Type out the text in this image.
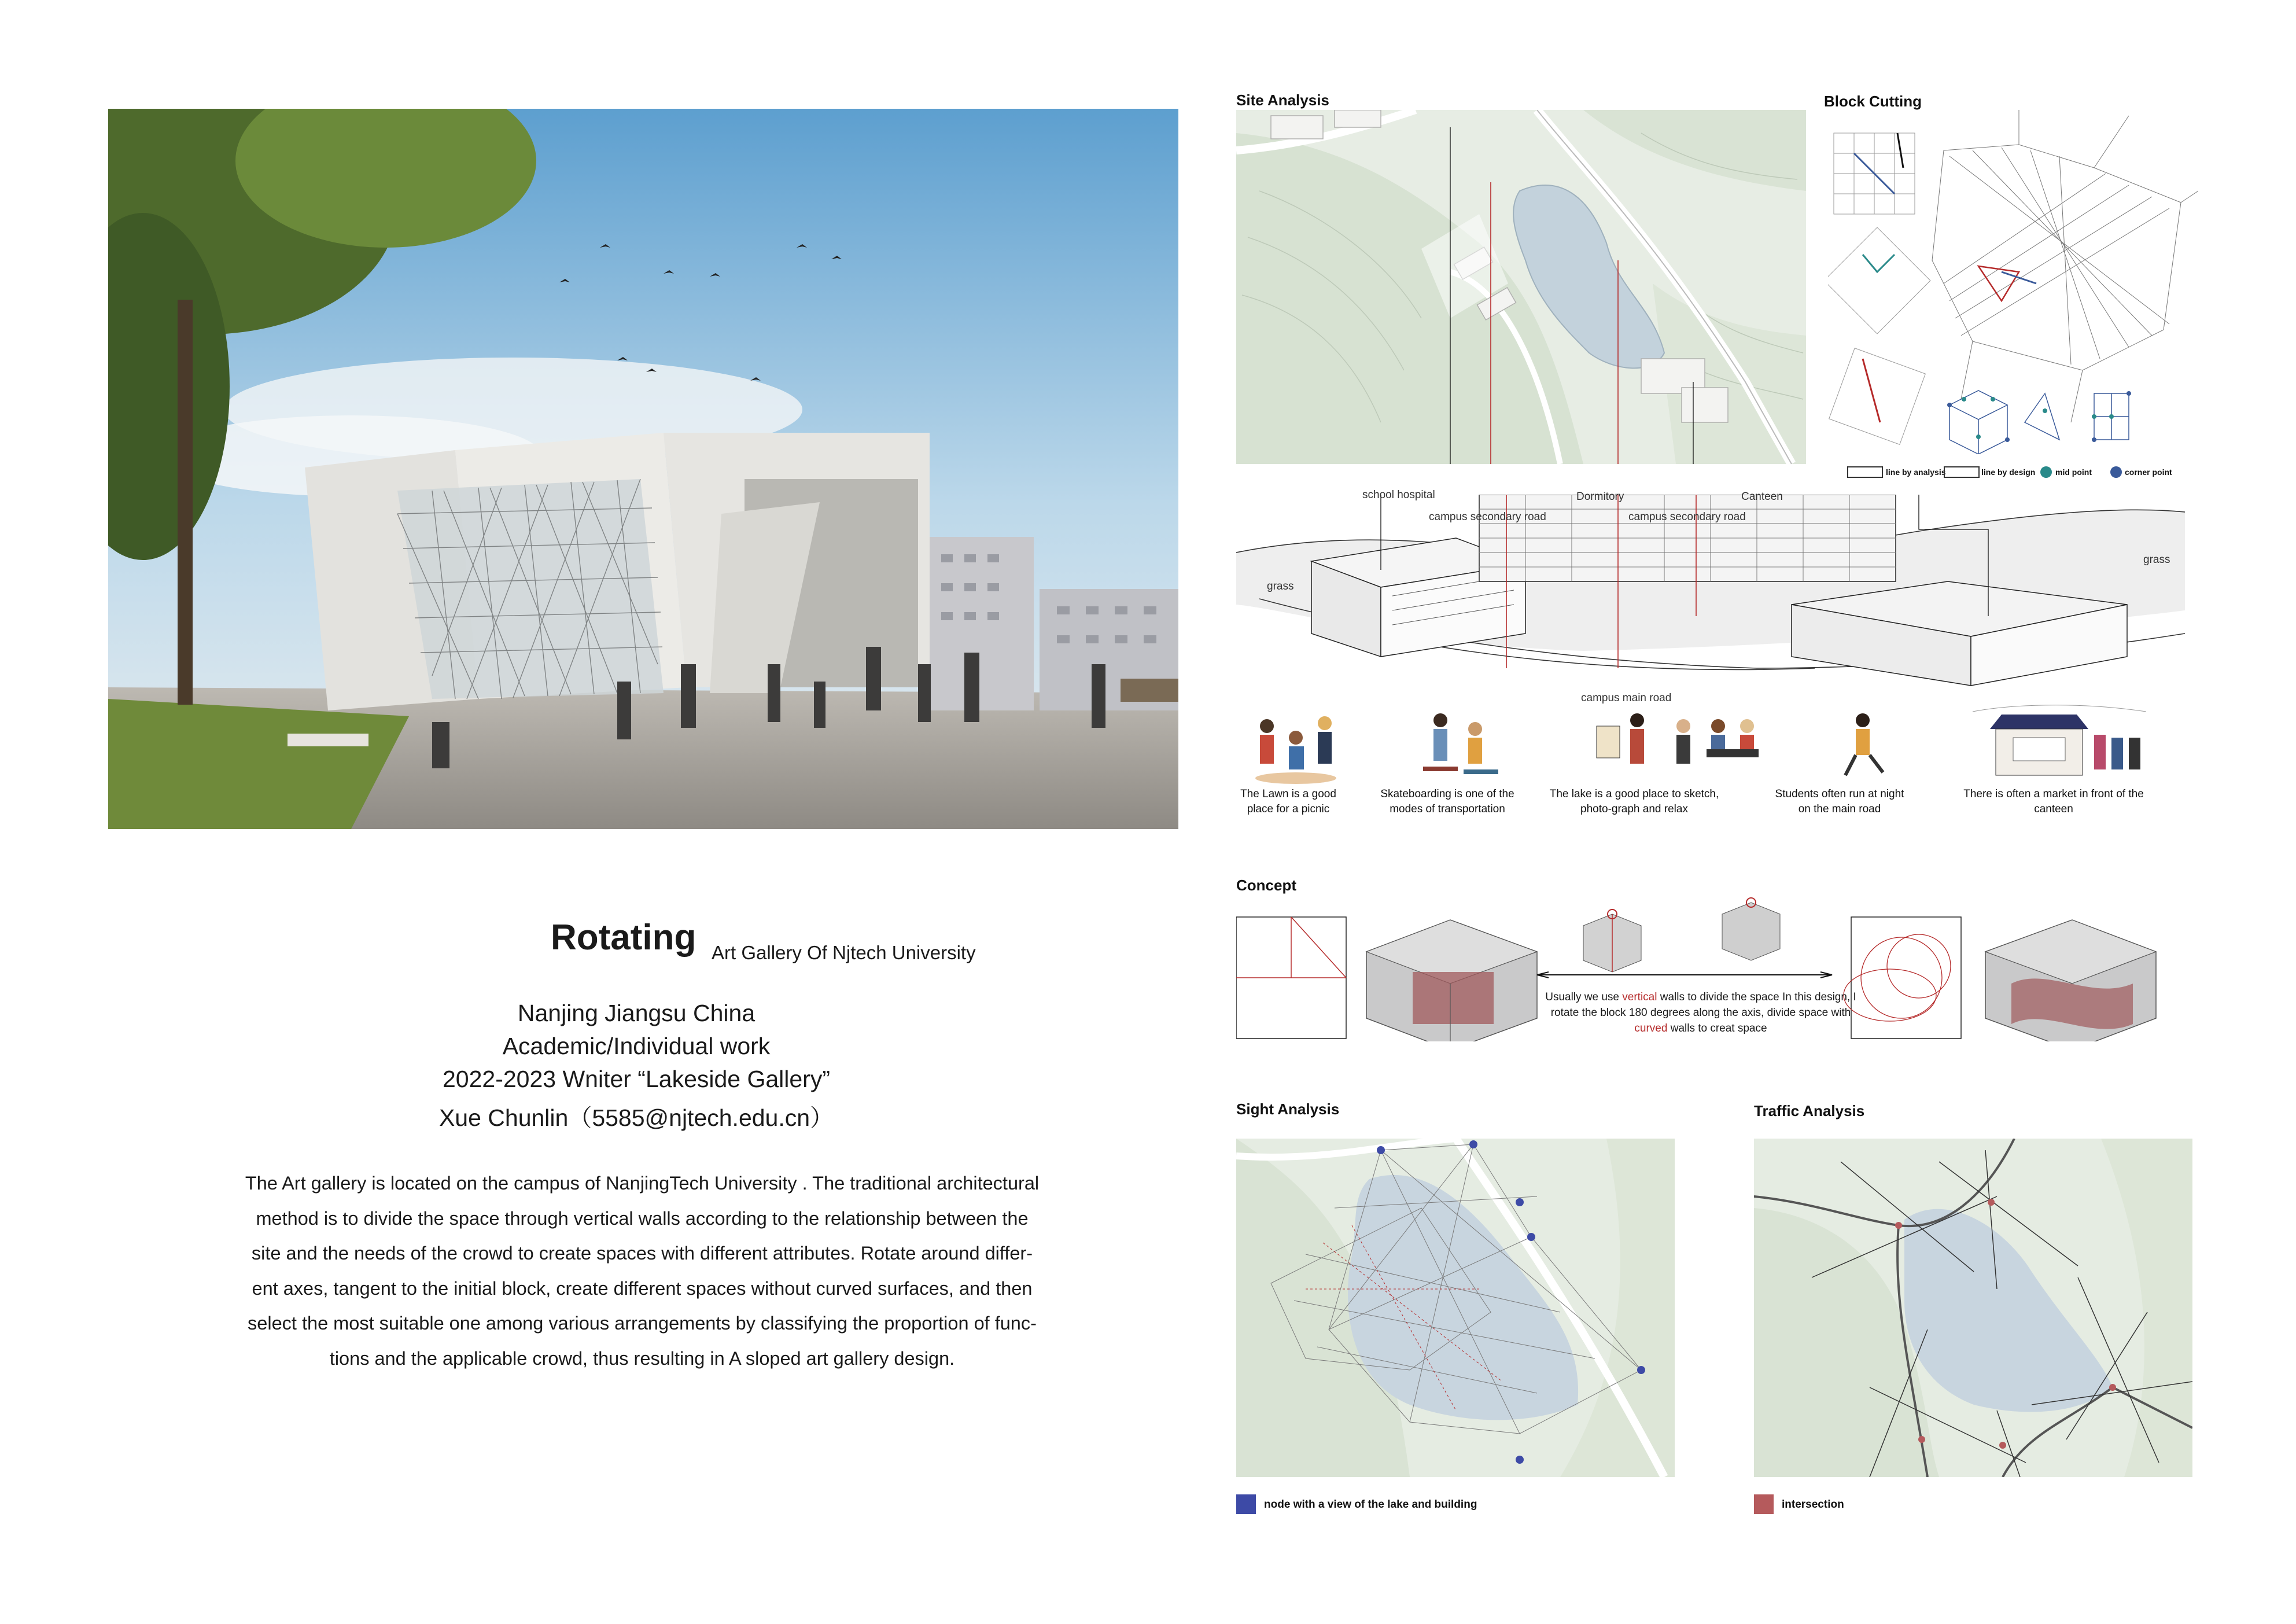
Rotating Art Gallery Of Njtech University
Nanjing Jiangsu China
Academic/Individual work
2022-2023 Wniter “Lakeside Gallery”
Xue Chunlin（5585@njtech.edu.cn）
The Art gallery is located on the campus of NanjingTech University . The traditional architectural
method is to divide the space through vertical walls according to the relationship between the
site and the needs of the crowd to create spaces with different attributes. Rotate around differ-
ent axes, tangent to the initial block, create different spaces without curved surfaces, and then
select the most suitable one among various arrangements by classifying the proportion of func-
tions and the applicable crowd, thus resulting in A sloped art gallery design.
Site Analysis
school hospital	Dormitory	Canteen
campus secondary road	campus secondary road
grass
grass
campus main road
The Lawn is a good place for a picnic
Skateboarding is one of the modes of transportation
The lake is a good place to sketch, photo-graph and relax
Students often run at night on the main road
There is often a market in front of the canteen
Block Cutting
line by analysis	line by design mid point	corner point
Concept
Usually we use vertical walls to divide the space In this design, I rotate the block 180 degrees along the axis, divide space with curved walls to creat space
Sight Analysis
node with a view of the lake and building
Traffic Analysis
intersection
